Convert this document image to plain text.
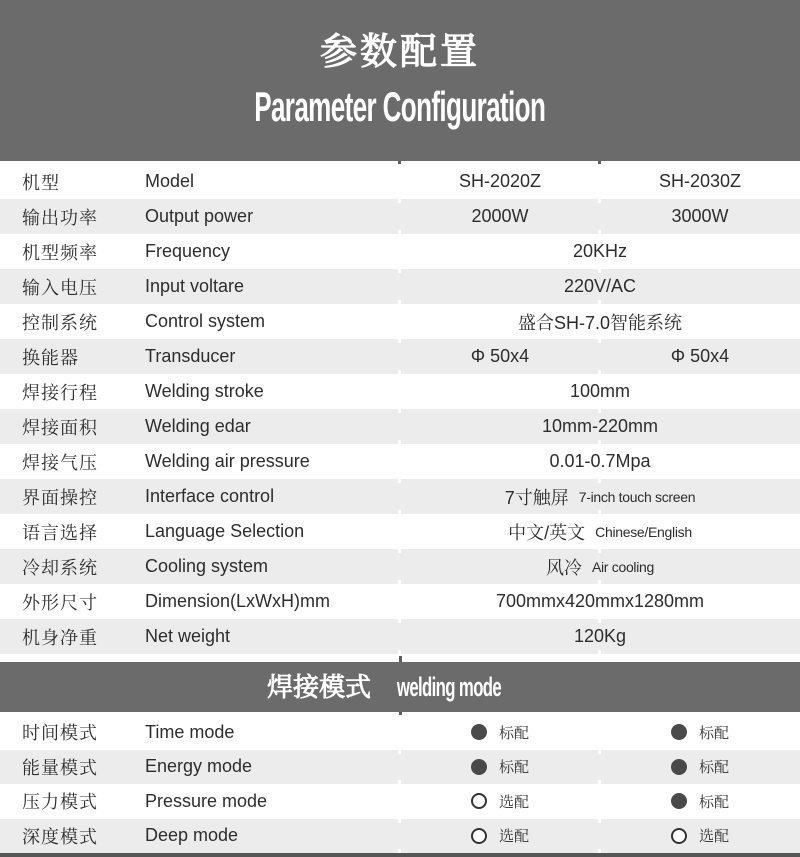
参数配置
Parameter Configuration
机型	Model	SH-2020Z	SH-2030Z
输出功率	Output power	2000W	3000W
机型频率	Frequency	20KHz
输入电压	Input voltare	220V/AC
控制系统	Control system	盛合SH-7.0智能系统
换能器	Transducer	Φ 50x4	Φ 50x4
焊接行程	Welding stroke	100mm
焊接面积	Welding edar	10mm-220mm
焊接气压	Welding air pressure	0.01-0.7Mpa
界面操控	Interface control	7寸触屏 7-inch touch screen
语言选择	Language Selection	中文/英文 Chinese/English
冷却系统	Cooling system	风冷 Air cooling
外形尺寸	Dimension(LxWxH)mm	700mmx420mmx1280mm
机身净重	Net weight	120Kg
焊接模式 welding mode
时间模式	Time mode	标配	标配
能量模式	Energy mode	标配	标配
压力模式	Pressure mode	选配	标配
深度模式	Deep mode	选配	选配
